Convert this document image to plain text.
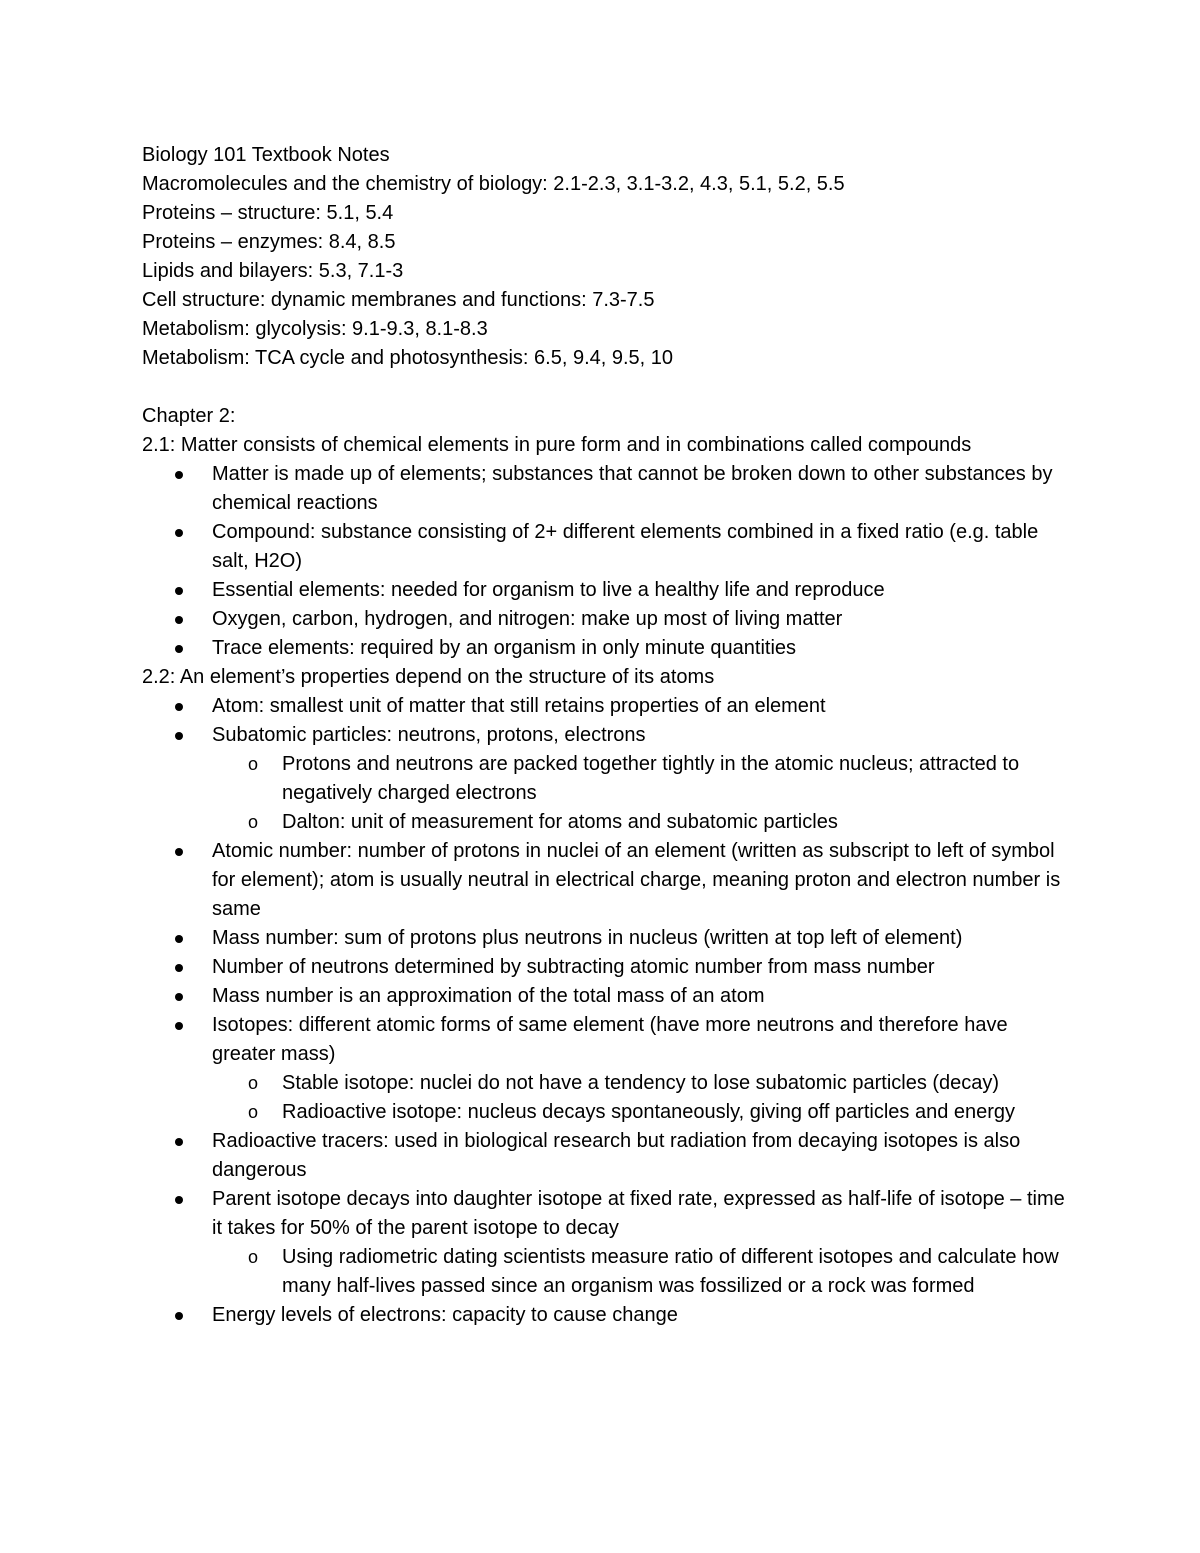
Biology 101 Textbook Notes
Macromolecules and the chemistry of biology: 2.1-2.3, 3.1-3.2, 4.3, 5.1, 5.2, 5.5
Proteins – structure: 5.1, 5.4
Proteins – enzymes: 8.4, 8.5
Lipids and bilayers: 5.3, 7.1-3
Cell structure: dynamic membranes and functions: 7.3-7.5
Metabolism: glycolysis: 9.1-9.3, 8.1-8.3
Metabolism: TCA cycle and photosynthesis: 6.5, 9.4, 9.5, 10
Chapter 2:
2.1: Matter consists of chemical elements in pure form and in combinations called compounds
Matter is made up of elements; substances that cannot be broken down to other substances by chemical reactions
Compound: substance consisting of 2+ different elements combined in a fixed ratio (e.g. table salt, H2O)
Essential elements: needed for organism to live a healthy life and reproduce
Oxygen, carbon, hydrogen, and nitrogen: make up most of living matter
Trace elements: required by an organism in only minute quantities
2.2: An element’s properties depend on the structure of its atoms
Atom: smallest unit of matter that still retains properties of an element
Subatomic particles: neutrons, protons, electrons
o Protons and neutrons are packed together tightly in the atomic nucleus; attracted to negatively charged electrons
o Dalton: unit of measurement for atoms and subatomic particles
Atomic number: number of protons in nuclei of an element (written as subscript to left of symbol for element); atom is usually neutral in electrical charge, meaning proton and electron number is same
Mass number: sum of protons plus neutrons in nucleus (written at top left of element)
Number of neutrons determined by subtracting atomic number from mass number
Mass number is an approximation of the total mass of an atom
Isotopes: different atomic forms of same element (have more neutrons and therefore have greater mass)
o Stable isotope: nuclei do not have a tendency to lose subatomic particles (decay)
o Radioactive isotope: nucleus decays spontaneously, giving off particles and energy
Radioactive tracers: used in biological research but radiation from decaying isotopes is also dangerous
Parent isotope decays into daughter isotope at fixed rate, expressed as half-life of isotope – time it takes for 50% of the parent isotope to decay
o Using radiometric dating scientists measure ratio of different isotopes and calculate how many half-lives passed since an organism was fossilized or a rock was formed
Energy levels of electrons: capacity to cause change
